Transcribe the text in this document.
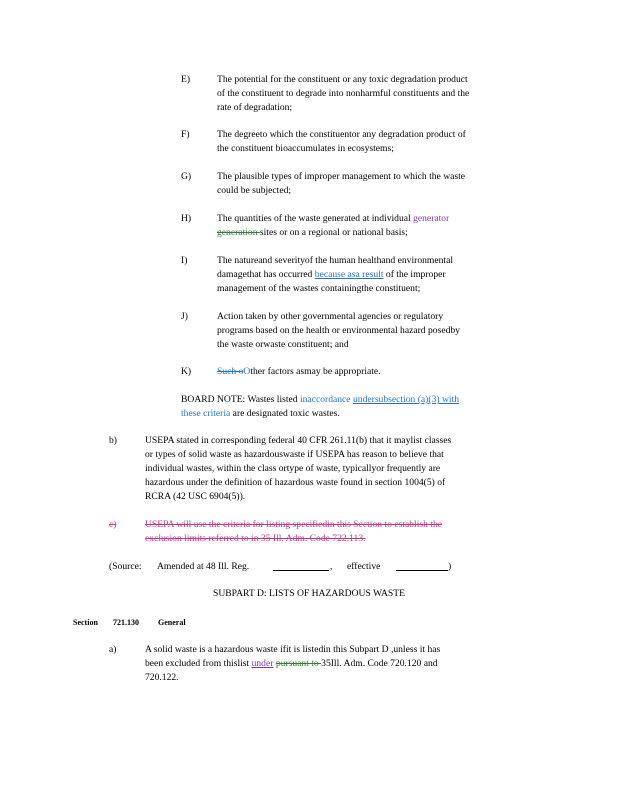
E)	The potential for the constituent or any toxic degradation product
of the constituent to degrade into nonharmful constituents and the
rate of degradation;
F)	The degreeto which the constituentor any degradation product of
the constituent bioaccumulates in ecosystems;
G)	The plausible types of improper management to which the waste
could be subjected;
H)	The quantities of the waste generated at individual generator
generation sites or on a regional or national basis;
I)	The natureand severityof the human healthand environmental
damagethat has occurred because asa result of the improper
management of the wastes containingthe constituent;
J)	Action taken by other governmental agencies or regulatory
programs based on the health or environmental hazard posedby
the waste orwaste constituent; and
K)	Such oOther factors asmay be appropriate.
BOARD NOTE: Wastes listed inaccordance undersubsection (a)(3) with
these criteria are designated toxic wastes.
b)	USEPA stated in corresponding federal 40 CFR 261.11(b) that it maylist classes
or types of solid waste as hazardouswaste if USEPA has reason to believe that
individual wastes, within the class ortype of waste, typicallyor frequently are
hazardous under the definition of hazardous waste found in section 1004(5) of
RCRA (42 USC 6904(5)).
c)	USEPA will use the criteria for listing specifiedin this Section to establish the
exclusion limits referred to in 35 Ill. Adm. Code 722.113.
(Source: Amended at 48 Ill. Reg.	, effective	)
SUBPART D: LISTS OF HAZARDOUS WASTE
Section 721.130 General
a)	A solid waste is a hazardous waste ifit is listedin this Subpart D ,unless it has
been excluded from thislist under pursuant to 35Ill. Adm. Code 720.120 and
720.122.
